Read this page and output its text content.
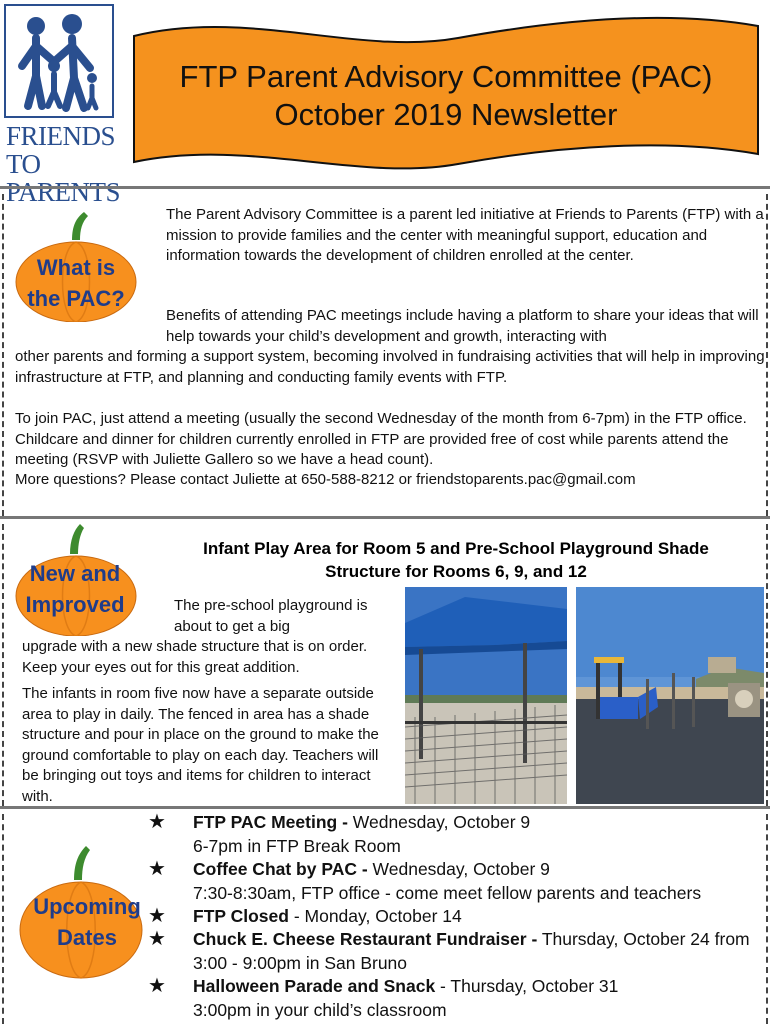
FRIENDS
TO PARENTS
FTP Parent Advisory Committee (PAC)
October 2019 Newsletter
What is
the PAC?

The Parent Advisory Committee is a parent led initiative at Friends to Parents (FTP) with a mission to provide families and the center with meaningful support, education and information towards the development of children enrolled at the center.

Benefits of attending PAC meetings include having a platform to share your ideas that will help towards your child’s development and growth, interacting with

other parents and forming a support system, becoming involved in fundraising activities that will help in improving infrastructure at FTP, and planning and conducting family events with FTP.

To join PAC, just attend a meeting (usually the second Wednesday of the month from 6-7pm) in the FTP office. Childcare and dinner for children currently enrolled in FTP are provided free of cost while parents attend the meeting (RSVP with Juliette Gallero so we have a head count).

More questions? Please contact Juliette at 650-588-8212 or friendstoparents.pac@gmail.com

New and
Improved
Infant Play Area for Room 5 and Pre-School Playground Shade
Structure for Rooms 6, 9, and 12

The pre-school playground is about to get a big

upgrade with a new shade structure that is on order. Keep your eyes out for this great addition.

The infants in room five now have a separate outside area to play in daily. The fenced in area has a shade structure and pour in place on the ground to make the ground comfortable to play on each day. Teachers will be bringing out toys and items for children to interact with.

Upcoming
Dates
★	FTP PAC Meeting - Wednesday, October 9
6-7pm in FTP Break Room
★	Coffee Chat by PAC - Wednesday, October 9
7:30-8:30am, FTP office - come meet fellow parents and teachers
★	FTP Closed - Monday, October 14
★	Chuck E. Cheese Restaurant Fundraiser - Thursday, October 24 from 3:00 - 9:00pm in San Bruno
★	Halloween Parade and Snack - Thursday, October 31
3:00pm in your child’s classroom
